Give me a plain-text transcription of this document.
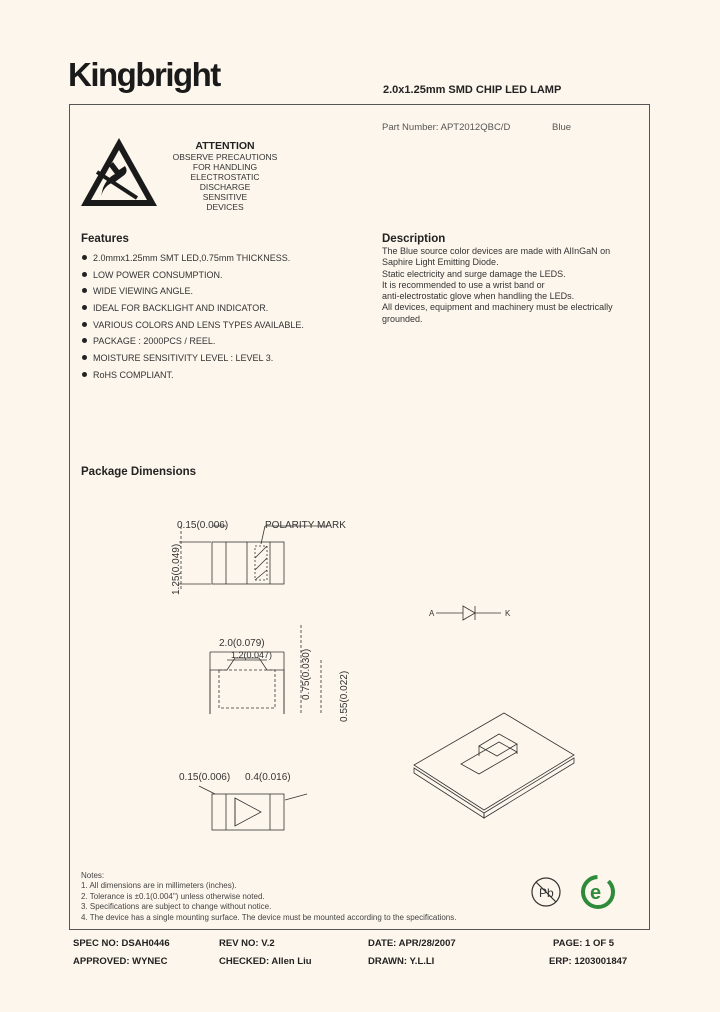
Kingbright	2.0x1.25mm SMD CHIP LED LAMP
Part Number: APT2012QBC/D	Blue
ATTENTION
OBSERVE PRECAUTIONS
FOR HANDLING
ELECTROSTATIC
DISCHARGE
SENSITIVE
DEVICES
Features
2.0mmx1.25mm SMT LED,0.75mm THICKNESS.
LOW POWER CONSUMPTION.
WIDE VIEWING ANGLE.
IDEAL FOR BACKLIGHT AND INDICATOR.
VARIOUS COLORS AND LENS TYPES AVAILABLE.
PACKAGE : 2000PCS / REEL.
MOISTURE SENSITIVITY LEVEL : LEVEL 3.
RoHS COMPLIANT.
Description
The Blue source color devices are made with AlInGaN on
Saphire Light Emitting Diode.
Static electricity and surge damage the LEDS.
It is recommended to use a wrist band or
anti-electrostatic glove when handling the LEDs.
All devices, equipment and machinery must be electrically
grounded.
Package Dimensions
0.15(0.006)	POLARITY MARK
1.25(0.049)
2.0(0.079)
1.2(0.047)	0.75(0.030)	0.55(0.022)
0.15(0.006) 0.4(0.016)
A	K
Pb e
Notes:
1. All dimensions are in millimeters (inches).
2. Tolerance is ±0.1(0.004") unless otherwise noted.
3. Specifications are subject to change without notice.
4. The device has a single mounting surface. The device must be mounted according to the specifications.
SPEC NO: DSAH0446	REV NO: V.2	DATE: APR/28/2007	PAGE: 1 OF 5
APPROVED: WYNEC	CHECKED: Allen Liu	DRAWN: Y.L.LI	ERP: 1203001847
